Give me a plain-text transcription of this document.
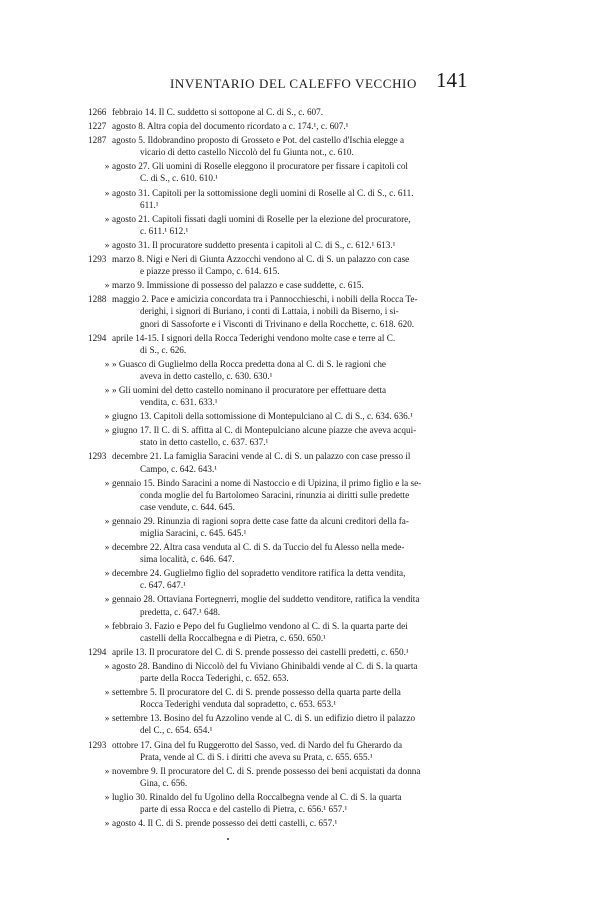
INVENTARIO DEL CALEFFO VECCHIO 141
1266 febbraio 14. Il C. suddetto si sottopone al C. di S., c. 607.
1227 agosto 8. Altra copia del documento ricordato a c. 174.¹, c. 607.¹
1287 agosto 5. Ildobrandino proposto di Grosseto e Pot. del castello d'Ischia elegge a
vicario di detto castello Niccolò del fu Giunta not., c. 610.
» agosto 27. Gli uomini di Roselle eleggono il procuratore per fissare i capitoli col
C. di S., c. 610. 610.¹
» agosto 31. Capitoli per la sottomissione degli uomini di Roselle al C. di S., c. 611.
611.¹
» agosto 21. Capitoli fissati dagli uomini di Roselle per la elezione del procuratore,
c. 611.¹ 612.¹
» agosto 31. Il procuratore suddetto presenta i capitoli al C. di S., c. 612.¹ 613.¹
1293 marzo 8. Nigi e Neri di Giunta Azzocchi vendono al C. di S. un palazzo con case
e piazze presso il Campo, c. 614. 615.
» marzo 9. Immissione di possesso del palazzo e case suddette, c. 615.
1288 maggio 2. Pace e amicizia concordata tra i Pannocchieschi, i nobili della Rocca Te-
derighi, i signori di Buriano, i conti di Lattaia, i nobili da Biserno, i si-
gnori di Sassoforte e i Visconti di Trivinano e della Rocchette, c. 618. 620.
1294 aprile 14-15. I signori della Rocca Tederighi vendono molte case e terre al C.
di S., c. 626.
» » Guasco di Guglielmo della Rocca predetta dona al C. di S. le ragioni che
aveva in detto castello, c. 630. 630.¹
» » Gli uomini del detto castello nominano il procuratore per effettuare detta
vendita, c. 631. 633.¹
» giugno 13. Capitoli della sottomissione di Montepulciano al C. di S., c. 634. 636.¹
» giugno 17. Il C. di S. affitta al C. di Montepulciano alcune piazze che aveva acqui-
stato in detto castello, c. 637. 637.¹
1293 decembre 21. La famiglia Saracini vende al C. di S. un palazzo con case presso il
Campo, c. 642. 643.¹
» gennaio 15. Bindo Saracini a nome di Nastoccio e di Upizina, il primo figlio e la se-
conda moglie del fu Bartolomeo Saracini, rinunzia ai diritti sulle predette
case vendute, c. 644. 645.
» gennaio 29. Rinunzia di ragioni sopra dette case fatte da alcuni creditori della fa-
miglia Saracini, c. 645. 645.¹
» decembre 22. Altra casa venduta al C. di S. da Tuccio del fu Alesso nella mede-
sima località, c. 646. 647.
» decembre 24. Guglielmo figlio del sopradetto venditore ratifica la detta vendita,
c. 647. 647.¹
» gennaio 28. Ottaviana Fortegnerri, moglie del suddetto venditore, ratifica la vendita
predetta, c. 647.¹ 648.
» febbraio 3. Fazio e Pepo del fu Guglielmo vendono al C. di S. la quarta parte dei
castelli della Roccalbegna e di Pietra, c. 650. 650.¹
1294 aprile 13. Il procuratore del C. di S. prende possesso dei castelli predetti, c. 650.¹
» agosto 28. Bandino di Niccolò del fu Viviano Ghinibaldi vende al C. di S. la quarta
parte della Rocca Tederighi, c. 652. 653.
» settembre 5. Il procuratore del C. di S. prende possesso della quarta parte della
Rocca Tederighi venduta dal sopradetto, c. 653. 653.¹
» settembre 13. Bosino del fu Azzolino vende al C. di S. un edifizio dietro il palazzo
del C., c. 654. 654.¹
1293 ottobre 17. Gina del fu Ruggerotto del Sasso, ved. di Nardo del fu Gherardo da
Prata, vende al C. di S. i diritti che aveva su Prata, c. 655. 655.¹
» novembre 9. Il procuratore del C. di S. prende possesso dei beni acquistati da donna
Gina, c. 656.
» luglio 30. Rinaldo del fu Ugolino della Roccalbegna vende al C. di S. la quarta
parte di essa Rocca e del castello di Pietra, c. 656.¹ 657.¹
» agosto 4. Il C. di S. prende possesso dei detti castelli, c. 657.¹
